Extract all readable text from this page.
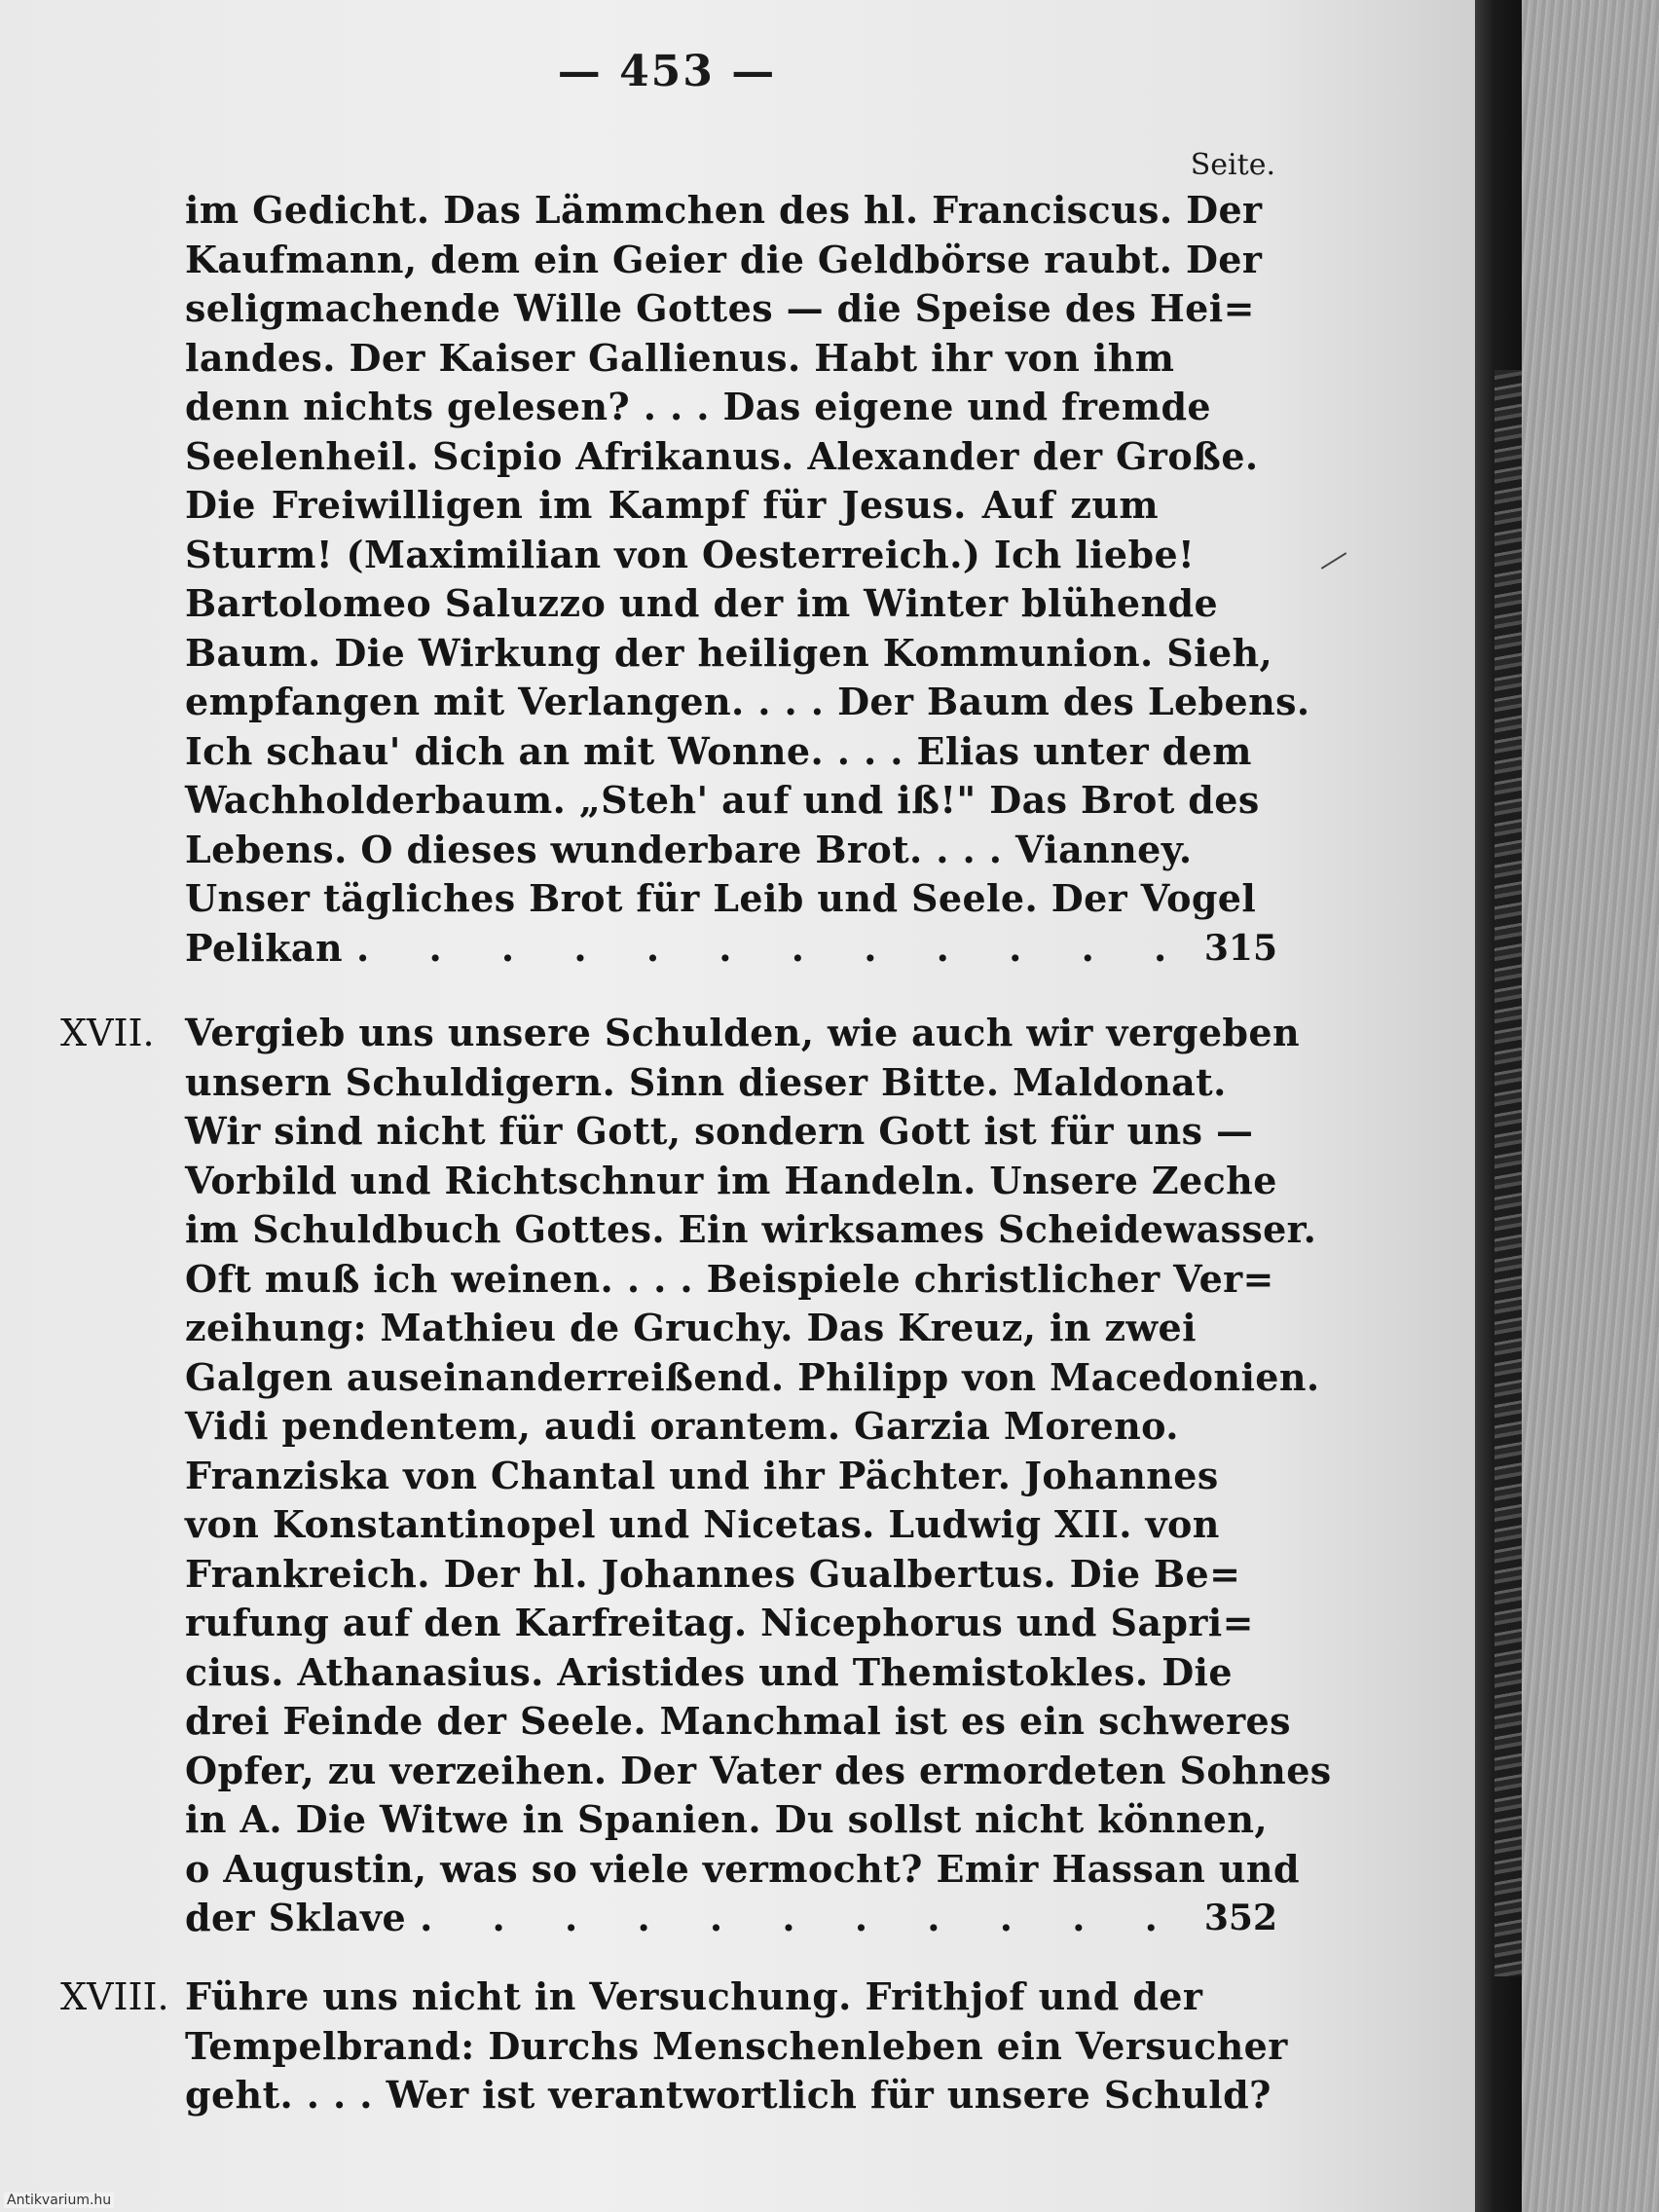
— 453 —
Seite.
im Gedicht. Das Lämmchen des hl. Franciscus. Der
Kaufmann, dem ein Geier die Geldbörse raubt. Der
seligmachende Wille Gottes — die Speise des Hei=
landes. Der Kaiser Gallienus. Habt ihr von ihm
denn nichts gelesen? . . . Das eigene und fremde
Seelenheil. Scipio Afrikanus. Alexander der Große.
Die Freiwilligen im Kampf für Jesus. Auf zum
Sturm! (Maximilian von Oesterreich.) Ich liebe!
Bartolomeo Saluzzo und der im Winter blühende
Baum. Die Wirkung der heiligen Kommunion. Sieh,
empfangen mit Verlangen. . . . Der Baum des Lebens.
Ich schau' dich an mit Wonne. . . . Elias unter dem
Wachholderbaum. „Steh' auf und iß!" Das Brot des
Lebens. O dieses wunderbare Brot. . . . Vianney.
Unser tägliches Brot für Leib und Seele. Der Vogel
Pelikan . . . . . . . . . . . . 315
XVII. Vergieb uns unsere Schulden, wie auch wir vergeben
unsern Schuldigern. Sinn dieser Bitte. Maldonat.
Wir sind nicht für Gott, sondern Gott ist für uns —
Vorbild und Richtschnur im Handeln. Unsere Zeche
im Schuldbuch Gottes. Ein wirksames Scheidewasser.
Oft muß ich weinen. . . . Beispiele christlicher Ver=
zeihung: Mathieu de Gruchy. Das Kreuz, in zwei
Galgen auseinanderreißend. Philipp von Macedonien.
Vidi pendentem, audi orantem. Garzia Moreno.
Franziska von Chantal und ihr Pächter. Johannes
von Konstantinopel und Nicetas. Ludwig XII. von
Frankreich. Der hl. Johannes Gualbertus. Die Be=
rufung auf den Karfreitag. Nicephorus und Sapri=
cius. Athanasius. Aristides und Themistokles. Die
drei Feinde der Seele. Manchmal ist es ein schweres
Opfer, zu verzeihen. Der Vater des ermordeten Sohnes
in A. Die Witwe in Spanien. Du sollst nicht können,
o Augustin, was so viele vermocht? Emir Hassan und
der Sklave . . . . . . . . . . . 352
XVIII. Führe uns nicht in Versuchung. Frithjof und der
Tempelbrand: Durchs Menschenleben ein Versucher
geht. . . . Wer ist verantwortlich für unsere Schuld?
Antikvarium.hu
